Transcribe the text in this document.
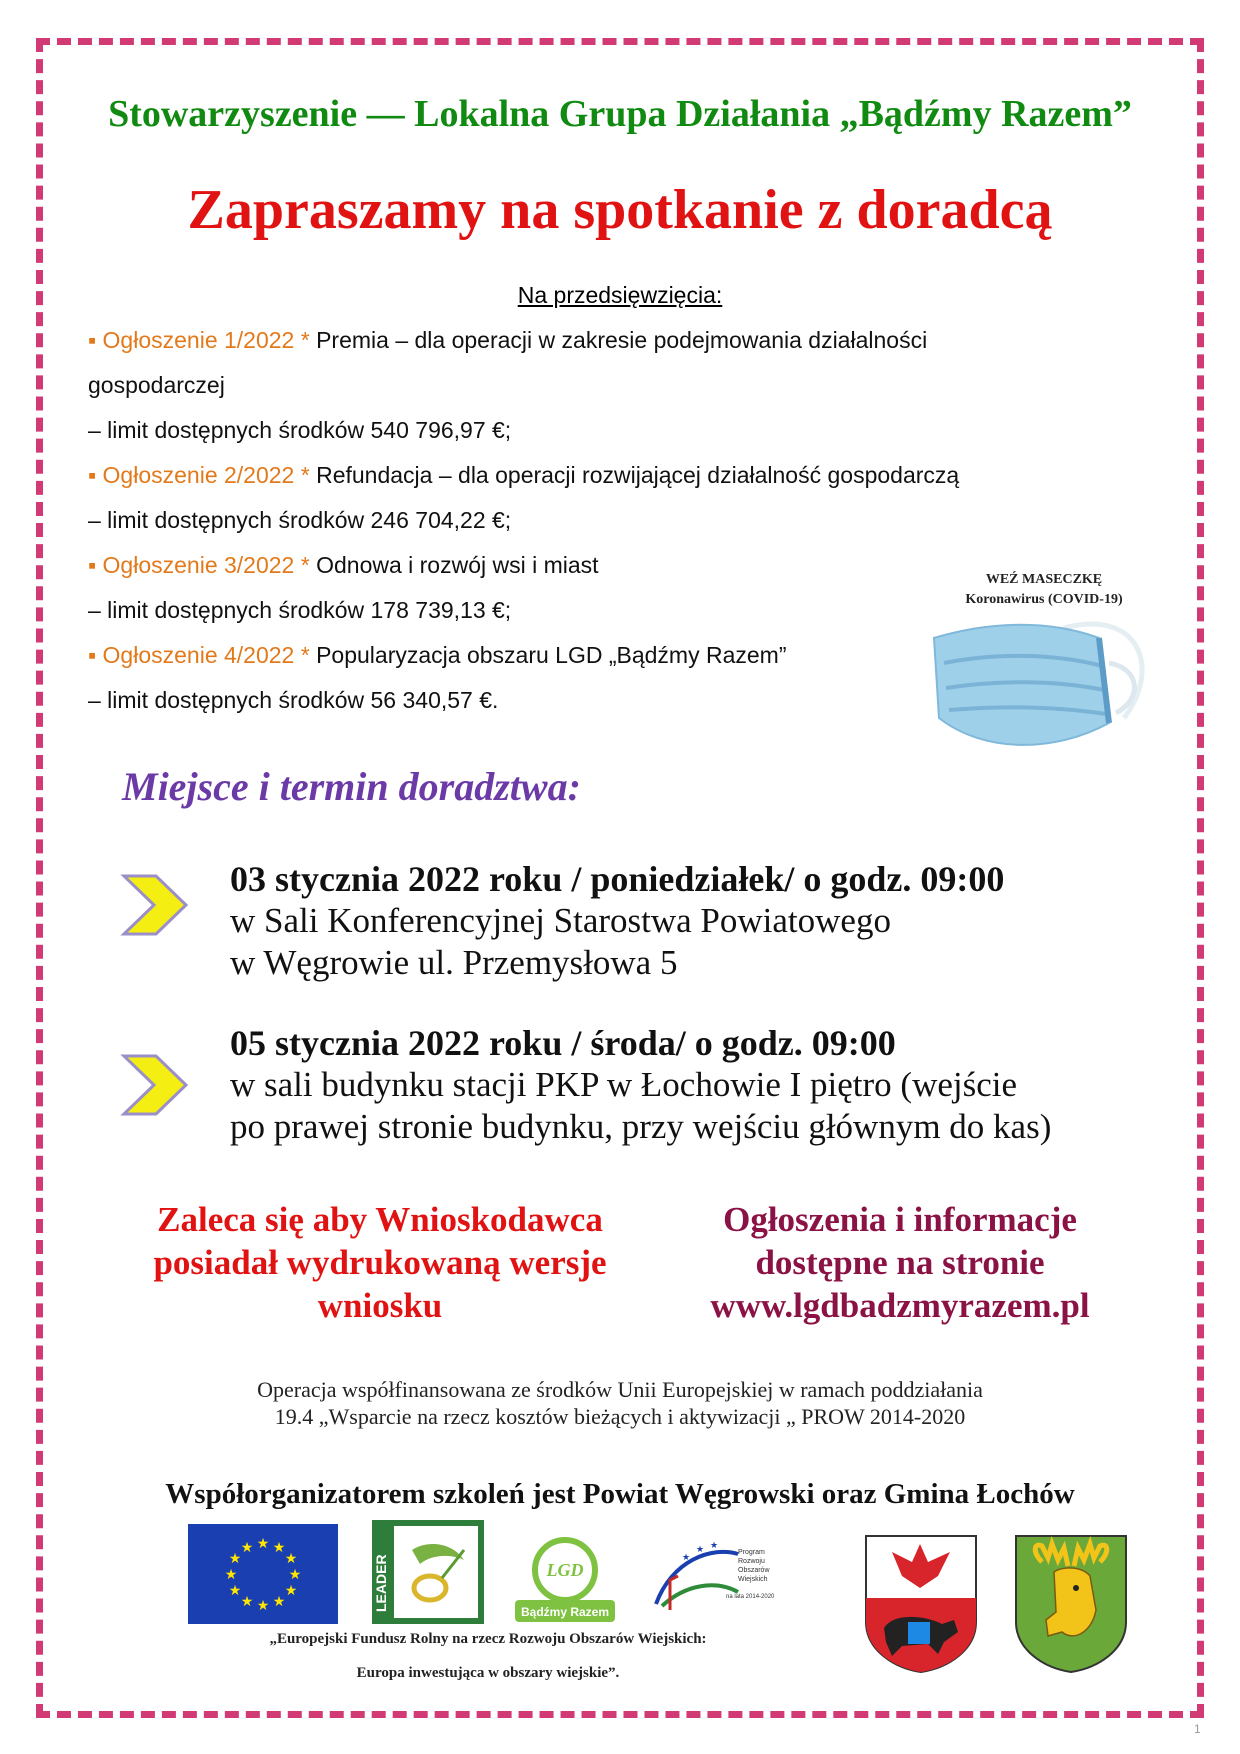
Stowarzyszenie — Lokalna Grupa Działania „Bądźmy Razem”
Zapraszamy na spotkanie z doradcą
Na przedsięwzięcia:
▪ Ogłoszenie 1/2022 * Premia – dla operacji w zakresie podejmowania działalności
gospodarczej
– limit dostępnych środków 540 796,97 €;
▪ Ogłoszenie 2/2022 * Refundacja – dla operacji rozwijającej działalność gospodarczą
– limit dostępnych środków 246 704,22 €;
▪ Ogłoszenie 3/2022 * Odnowa i rozwój wsi i miast
– limit dostępnych środków 178 739,13 €;
▪ Ogłoszenie 4/2022 * Popularyzacja obszaru LGD „Bądźmy Razem”
– limit dostępnych środków 56 340,57 €.
WEŹ MASECZKĘ
Koronawirus (COVID-19)
Miejsce i termin doradztwa:
03 stycznia 2022 roku / poniedziałek/ o godz. 09:00
w Sali Konferencyjnej Starostwa Powiatowego
w Węgrowie ul. Przemysłowa 5
05 stycznia 2022 roku / środa/ o godz. 09:00
w sali budynku stacji PKP w Łochowie I piętro (wejście
po prawej stronie budynku, przy wejściu głównym do kas)
Zaleca się aby Wnioskodawca
posiadał wydrukowaną wersje
wniosku
Ogłoszenia i informacje
dostępne na stronie
www.lgdbadzmyrazem.pl
Operacja współfinansowana ze środków Unii Europejskiej w ramach poddziałania
19.4 „Wsparcie na rzecz kosztów bieżących i aktywizacji „ PROW 2014-2020
Współorganizatorem szkoleń jest Powiat Węgrowski oraz Gmina Łochów
★ ★
★
★
★
★
★
★
★
★
★
★
LEADER	LGD
Bądźmy Razem
★
★ ★
Program
Rozwoju
Obszarów
Wiejskich
na lata 2014-2020
„Europejski Fundusz Rolny na rzecz Rozwoju Obszarów Wiejskich:
Europa inwestująca w obszary wiejskie”.
1
